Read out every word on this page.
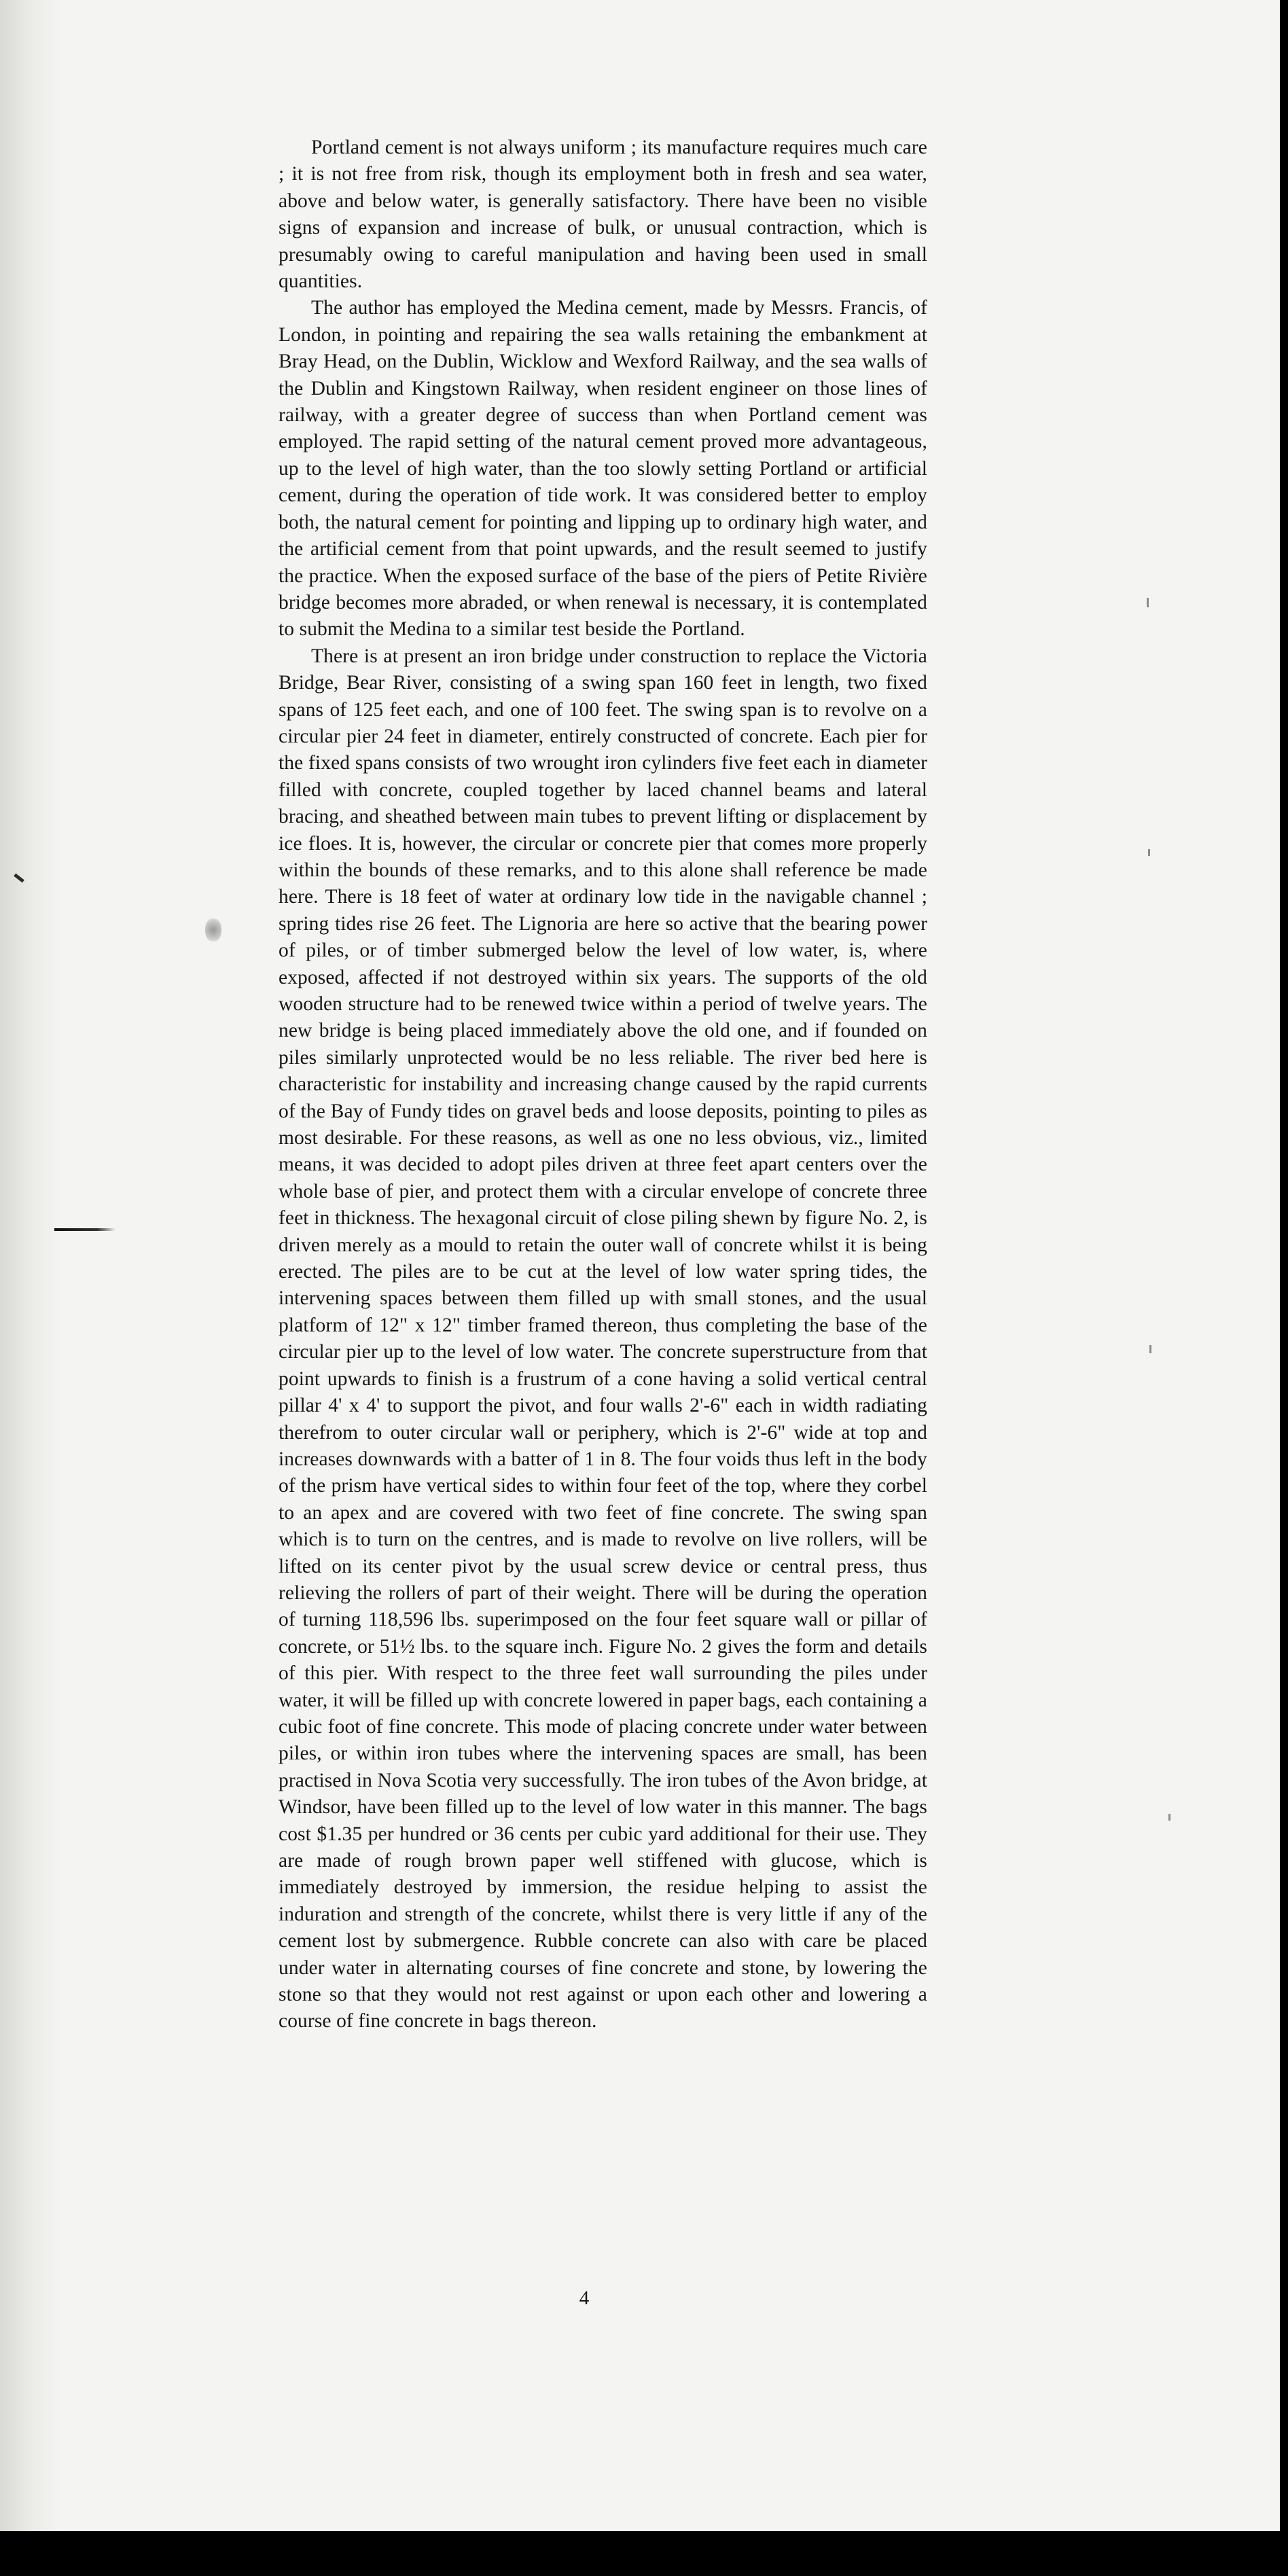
Portland cement is not always uniform ; its manufacture requires much care ; it is not free from risk, though its employment both in fresh and sea water, above and below water, is generally satisfactory. There have been no visible signs of expansion and increase of bulk, or unusual contraction, which is presumably owing to careful manipulation and having been used in small quantities.

The author has employed the Medina cement, made by Messrs. Francis, of London, in pointing and repairing the sea walls retaining the embankment at Bray Head, on the Dublin, Wicklow and Wexford Railway, and the sea walls of the Dublin and Kingstown Railway, when resident engineer on those lines of railway, with a greater degree of success than when Portland cement was employed. The rapid setting of the natural cement proved more advantageous, up to the level of high water, than the too slowly setting Portland or artificial cement, during the operation of tide work. It was considered better to employ both, the natural cement for pointing and lipping up to ordinary high water, and the artificial cement from that point upwards, and the result seemed to justify the practice. When the exposed surface of the base of the piers of Petite Rivière bridge becomes more abraded, or when renewal is necessary, it is contemplated to submit the Medina to a similar test beside the Portland.

There is at present an iron bridge under construction to replace the Victoria Bridge, Bear River, consisting of a swing span 160 feet in length, two fixed spans of 125 feet each, and one of 100 feet. The swing span is to revolve on a circular pier 24 feet in diameter, entirely constructed of concrete. Each pier for the fixed spans consists of two wrought iron cylinders five feet each in diameter filled with concrete, coupled together by laced channel beams and lateral bracing, and sheathed between main tubes to prevent lifting or displacement by ice floes. It is, however, the circular or concrete pier that comes more properly within the bounds of these remarks, and to this alone shall reference be made here. There is 18 feet of water at ordinary low tide in the navigable channel ; spring tides rise 26 feet. The Lignoria are here so active that the bearing power of piles, or of timber submerged below the level of low water, is, where exposed, affected if not destroyed within six years. The supports of the old wooden structure had to be renewed twice within a period of twelve years. The new bridge is being placed immediately above the old one, and if founded on piles similarly unprotected would be no less reliable. The river bed here is characteristic for instability and increasing change caused by the rapid currents of the Bay of Fundy tides on gravel beds and loose deposits, pointing to piles as most desirable. For these reasons, as well as one no less obvious, viz., limited means, it was decided to adopt piles driven at three feet apart centers over the whole base of pier, and protect them with a circular envelope of concrete three feet in thickness. The hexagonal circuit of close piling shewn by figure No. 2, is driven merely as a mould to retain the outer wall of concrete whilst it is being erected. The piles are to be cut at the level of low water spring tides, the intervening spaces between them filled up with small stones, and the usual platform of 12" x 12" timber framed thereon, thus completing the base of the circular pier up to the level of low water. The concrete superstructure from that point upwards to finish is a frustrum of a cone having a solid vertical central pillar 4' x 4' to support the pivot, and four walls 2'-6" each in width radiating therefrom to outer circular wall or periphery, which is 2'-6" wide at top and increases downwards with a batter of 1 in 8. The four voids thus left in the body of the prism have vertical sides to within four feet of the top, where they corbel to an apex and are covered with two feet of fine concrete. The swing span which is to turn on the centres, and is made to revolve on live rollers, will be lifted on its center pivot by the usual screw device or central press, thus relieving the rollers of part of their weight. There will be during the operation of turning 118,596 lbs. superimposed on the four feet square wall or pillar of concrete, or 51½ lbs. to the square inch. Figure No. 2 gives the form and details of this pier. With respect to the three feet wall surrounding the piles under water, it will be filled up with concrete lowered in paper bags, each containing a cubic foot of fine concrete. This mode of placing concrete under water between piles, or within iron tubes where the intervening spaces are small, has been practised in Nova Scotia very successfully. The iron tubes of the Avon bridge, at Windsor, have been filled up to the level of low water in this manner. The bags cost $1.35 per hundred or 36 cents per cubic yard additional for their use. They are made of rough brown paper well stiffened with glucose, which is immediately destroyed by immersion, the residue helping to assist the induration and strength of the concrete, whilst there is very little if any of the cement lost by submergence. Rubble concrete can also with care be placed under water in alternating courses of fine concrete and stone, by lowering the stone so that they would not rest against or upon each other and lowering a course of fine concrete in bags thereon.

4
